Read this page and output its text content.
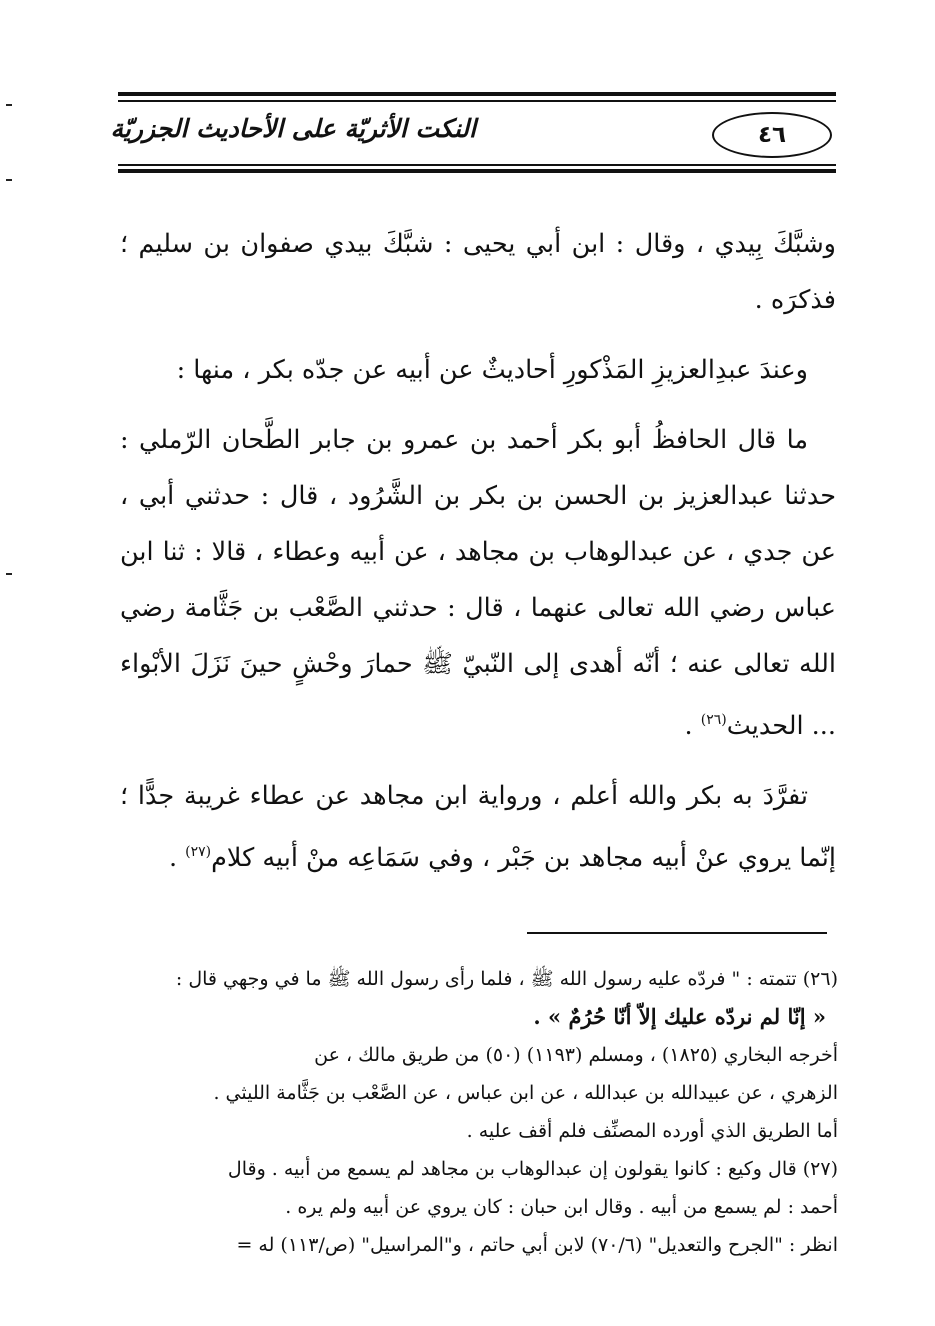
٤٦
النكت الأثريّة على الأحاديث الجزريّة

وشبَّكَ بِيدي ، وقال : ابن أبي يحيى : شبَّكَ بيدي صفوان بن سليم ؛ فذكرَه .

وعندَ عبدِالعزيزِ المَذْكورِ أحاديثٌ عن أبيه عن جدّه بكر ، منها :

ما قال الحافظُ أبو بكر أحمد بن عمرو بن جابر الطَّحان الرّملي : حدثنا عبدالعزيز بن الحسن بن بكر بن الشَّرُود ، قال : حدثني أبي ، عن جدي ، عن عبدالوهاب بن مجاهد ، عن أبيه وعطاء ، قالا : ثنا ابن عباس رضي الله تعالى عنهما ، قال : حدثني الصَّعْب بن جَثَّامة رضي الله تعالى عنه ؛ أنّه أهدى إلى النّبيّ ﷺ حمارَ وحْشٍ حينَ نَزَلَ الأبْواء ... الحديث$^{(٢٦)}$ .

تفرَّدَ به بكر والله أعلم ، ورواية ابن مجاهد عن عطاء غريبة جدًّا ؛ إنّما يروي عنْ أبيه مجاهد بن جَبْر ، وفي سَمَاعِه منْ أبيه كلام$^{(٢٧)}$ .

(٢٦) تتمته : " فردّه عليه رسول الله ﷺ ، فلما رأى رسول الله ﷺ ما في وجهي قال :
« إنّا لم نردّه عليك إلاّ أنّا حُرُمٌ » .
أخرجه البخاري (١٨٢٥) ، ومسلم (١١٩٣) (٥٠) من طريق مالك ، عن
الزهري ، عن عبيدالله بن عبدالله ، عن ابن عباس ، عن الصَّعْب بن جَثَّامة الليثي .
أما الطريق الذي أورده المصنِّف فلم أقف عليه .
(٢٧) قال وكيع : كانوا يقولون إن عبدالوهاب بن مجاهد لم يسمع من أبيه . وقال
أحمد : لم يسمع من أبيه . وقال ابن حبان : كان يروي عن أبيه ولم يره .
انظر : "الجرح والتعديل" (٧٠/٦) لابن أبي حاتم ، و"المراسيل" (ص/١١٣) له =
